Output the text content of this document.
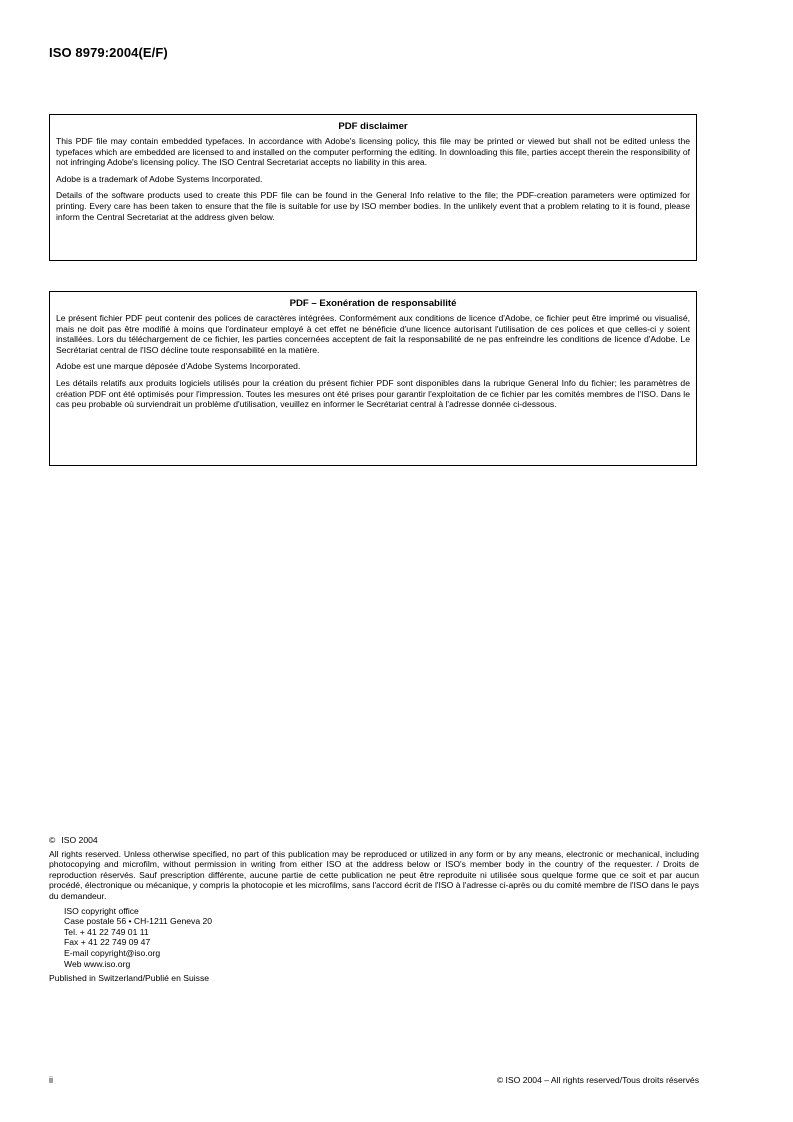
ISO 8979:2004(E/F)
PDF disclaimer

This PDF file may contain embedded typefaces. In accordance with Adobe's licensing policy, this file may be printed or viewed but shall not be edited unless the typefaces which are embedded are licensed to and installed on the computer performing the editing. In downloading this file, parties accept therein the responsibility of not infringing Adobe's licensing policy. The ISO Central Secretariat accepts no liability in this area.

Adobe is a trademark of Adobe Systems Incorporated.

Details of the software products used to create this PDF file can be found in the General Info relative to the file; the PDF-creation parameters were optimized for printing. Every care has been taken to ensure that the file is suitable for use by ISO member bodies. In the unlikely event that a problem relating to it is found, please inform the Central Secretariat at the address given below.

PDF – Exonération de responsabilité

Le présent fichier PDF peut contenir des polices de caractères intégrées. Conformément aux conditions de licence d'Adobe, ce fichier peut être imprimé ou visualisé, mais ne doit pas être modifié à moins que l'ordinateur employé à cet effet ne bénéficie d'une licence autorisant l'utilisation de ces polices et que celles-ci y soient installées. Lors du téléchargement de ce fichier, les parties concernées acceptent de fait la responsabilité de ne pas enfreindre les conditions de licence d'Adobe. Le Secrétariat central de l'ISO décline toute responsabilité en la matière.

Adobe est une marque déposée d'Adobe Systems Incorporated.

Les détails relatifs aux produits logiciels utilisés pour la création du présent fichier PDF sont disponibles dans la rubrique General Info du fichier; les paramètres de création PDF ont été optimisés pour l'impression. Toutes les mesures ont été prises pour garantir l'exploitation de ce fichier par les comités membres de l'ISO. Dans le cas peu probable où surviendrait un problème d'utilisation, veuillez en informer le Secrétariat central à l'adresse donnée ci-dessous.

© ISO 2004

All rights reserved. Unless otherwise specified, no part of this publication may be reproduced or utilized in any form or by any means, electronic or mechanical, including photocopying and microfilm, without permission in writing from either ISO at the address below or ISO's member body in the country of the requester. / Droits de reproduction réservés. Sauf prescription différente, aucune partie de cette publication ne peut être reproduite ni utilisée sous quelque forme que ce soit et par aucun procédé, électronique ou mécanique, y compris la photocopie et les microfilms, sans l'accord écrit de l'ISO à l'adresse ci-après ou du comité membre de l'ISO dans le pays du demandeur.

ISO copyright office
Case postale 56 • CH-1211 Geneva 20
Tel. + 41 22 749 01 11
Fax + 41 22 749 09 47
E-mail copyright@iso.org
Web www.iso.org
Published in Switzerland/Publié en Suisse
ii	© ISO 2004 – All rights reserved/Tous droits réservés
